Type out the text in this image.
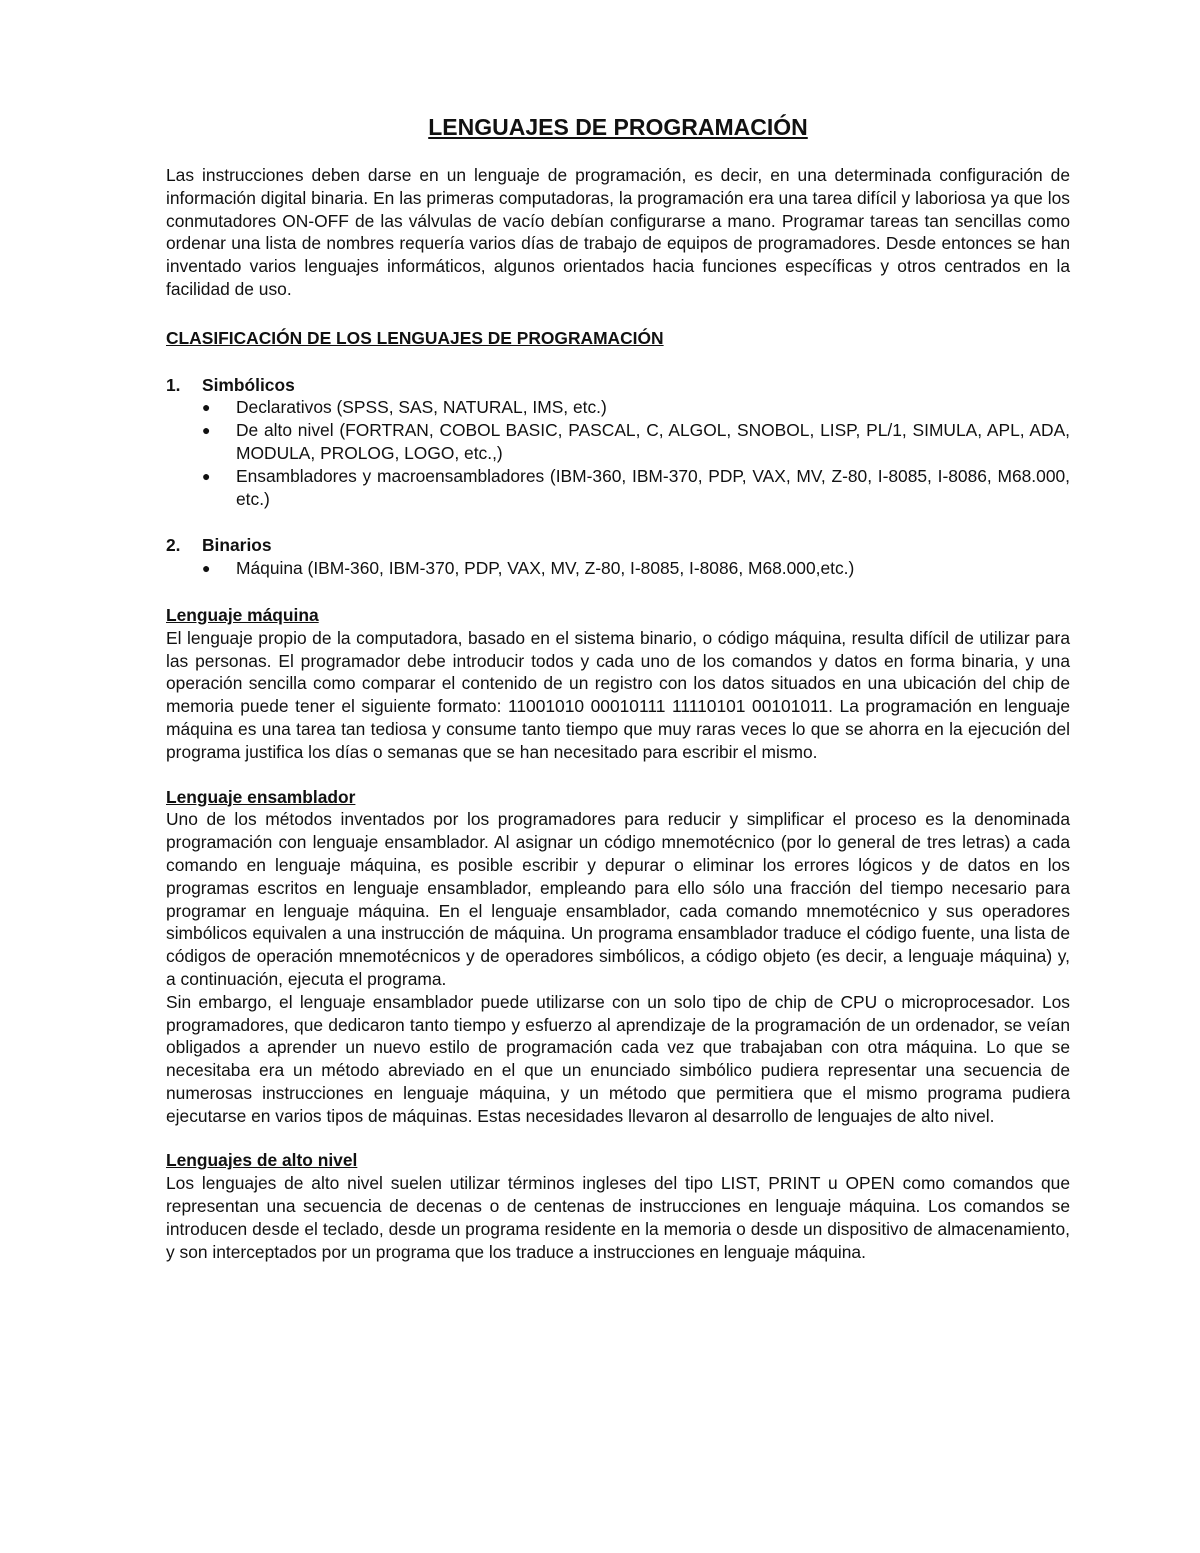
LENGUAJES DE PROGRAMACIÓN

Las instrucciones deben darse en un lenguaje de programación, es decir, en una determinada configuración de información digital binaria. En las primeras computadoras, la programación era una tarea difícil y laboriosa ya que los conmutadores ON-OFF de las válvulas de vacío debían configurarse a mano. Programar tareas tan sencillas como ordenar una lista de nombres requería varios días de trabajo de equipos de programadores. Desde entonces se han inventado varios lenguajes informáticos, algunos orientados hacia funciones específicas y otros centrados en la facilidad de uso.

CLASIFICACIÓN DE LOS LENGUAJES DE PROGRAMACIÓN
1.	Simbólicos
●	Declarativos (SPSS, SAS, NATURAL, IMS, etc.)
●	De alto nivel (FORTRAN, COBOL BASIC, PASCAL, C, ALGOL, SNOBOL, LISP, PL/1, SIMULA, APL, ADA, MODULA, PROLOG, LOGO, etc.,)
●	Ensambladores y macroensambladores (IBM-360, IBM-370, PDP, VAX, MV, Z-80, I-8085, I-8086, M68.000, etc.)
2.	Binarios
●	Máquina (IBM-360, IBM-370, PDP, VAX, MV, Z-80, I-8085, I-8086, M68.000,etc.)
Lenguaje máquina

El lenguaje propio de la computadora, basado en el sistema binario, o código máquina, resulta difícil de utilizar para las personas. El programador debe introducir todos y cada uno de los comandos y datos en forma binaria, y una operación sencilla como comparar el contenido de un registro con los datos situados en una ubicación del chip de memoria puede tener el siguiente formato: 11001010 00010111 11110101 00101011. La programación en lenguaje máquina es una tarea tan tediosa y consume tanto tiempo que muy raras veces lo que se ahorra en la ejecución del programa justifica los días o semanas que se han necesitado para escribir el mismo.

Lenguaje ensamblador

Uno de los métodos inventados por los programadores para reducir y simplificar el proceso es la denominada programación con lenguaje ensamblador. Al asignar un código mnemotécnico (por lo general de tres letras) a cada comando en lenguaje máquina, es posible escribir y depurar o eliminar los errores lógicos y de datos en los programas escritos en lenguaje ensamblador, empleando para ello sólo una fracción del tiempo necesario para programar en lenguaje máquina. En el lenguaje ensamblador, cada comando mnemotécnico y sus operadores simbólicos equivalen a una instrucción de máquina. Un programa ensamblador traduce el código fuente, una lista de códigos de operación mnemotécnicos y de operadores simbólicos, a código objeto (es decir, a lenguaje máquina) y, a continuación, ejecuta el programa.

Sin embargo, el lenguaje ensamblador puede utilizarse con un solo tipo de chip de CPU o microprocesador. Los programadores, que dedicaron tanto tiempo y esfuerzo al aprendizaje de la programación de un ordenador, se veían obligados a aprender un nuevo estilo de programación cada vez que trabajaban con otra máquina. Lo que se necesitaba era un método abreviado en el que un enunciado simbólico pudiera representar una secuencia de numerosas instrucciones en lenguaje máquina, y un método que permitiera que el mismo programa pudiera ejecutarse en varios tipos de máquinas. Estas necesidades llevaron al desarrollo de lenguajes de alto nivel.

Lenguajes de alto nivel

Los lenguajes de alto nivel suelen utilizar términos ingleses del tipo LIST, PRINT u OPEN como comandos que representan una secuencia de decenas o de centenas de instrucciones en lenguaje máquina. Los comandos se introducen desde el teclado, desde un programa residente en la memoria o desde un dispositivo de almacenamiento, y son interceptados por un programa que los traduce a instrucciones en lenguaje máquina.
